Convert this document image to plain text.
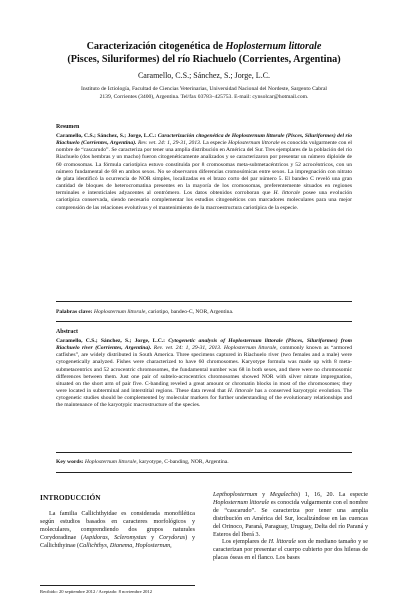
Caracterización citogenética de Hoplosternum littorale
(Pisces, Siluriformes) del río Riachuelo (Corrientes, Argentina)
Caramello, C.S.; Sánchez, S.; Jorge, L.C.
Instituto de Ictiología, Facultad de Ciencias Veterinarias, Universidad Nacional del Nordeste, Sargento Cabral
2139, Corrientes (3400), Argentina. Tel/fax 03783–425753. E-mail: cynsolcar@hotmail.com.
Resumen
Caramello, C.S.; Sánchez, S.; Jorge, L.C.: Caracterización citogenética de Hoplosternum littorale (Pisces, Siluriformes) del río Riachuelo (Corrientes, Argentina). Rev. vet. 24: 1, 29-31, 2013. La especie Hoplosternum littorale es conocida vulgarmente con el nombre de “cascarudo”. Se caracteriza por tener una amplia distribución en América del Sur. Tres ejemplares de la población del río Riachuelo (dos hembras y un macho) fueron citogenéticamente analizados y se caracterizaron por presentar un número diploide de 60 cromosomas. La fórmula cariotípica estuvo constituida por 8 cromosomas meta-submetacéntricos y 52 acrocéntricos, con un número fundamental de 68 en ambos sexos. No se observaron diferencias cromosómicas entre sexos. La impregnación con nitrato de plata identificó la ocurrencia de NOR simples, localizadas en el brazo corto del par número 5. El bandeo C reveló una gran cantidad de bloques de heterocromatina presentes en la mayoría de los cromosomas, preferentemente situados en regiones terminales e intersticiales adyacentes al centrómero. Los datos obtenidos corroboran que H. littorale posee una evolución cariotípica conservada, siendo necesario complementar los estudios citogenéticos con marcadores moleculares para una mejor comprensión de las relaciones evolutivas y el mantenimiento de la macroestructura cariotípica de la especie.
Palabras clave: Hoplosternum littorale, cariotipo, bandeo-C, NOR, Argentina.
Abstract
Caramello, C.S.; Sánchez, S.; Jorge, L.C.: Cytogenetic analysis of Hoplosternum littorale (Pisces, Siluriformes) from Riachuelo river (Corrientes, Argentina). Rev. vet. 24: 1, 29-31, 2013. Hoplosternum littorale, commonly known as “armored catfishes”, are widely distributed in South America. Three specimens captured in Riachuelo river (two females and a male) were cytogenetically analyzed. Fishes were characterized to have 60 chromosomes. Karyotype formula was made up with 8 meta-submetacentrics and 52 acrocentric chromosomes, the fundamental number was 68 in both sexes, and there were no chromosomic differences between them. Just one pair of subtelo-acrocentrics chromosomes showed NOR with silver nitrate impregnation, situated on the short arm of pair five. C-banding reveled a great amount or chromatin blocks in most of the chromosomes; they were located in subterminal and interstitial regions. These data reveal that H. littorale has a conserved karyotypic evolution. The cytogenetic studies should be complemented by molecular markers for further understanding of the evolutionary relationships and the maintenance of the karyotypic macrostructure of the species.
Key words: Hoplosternum littorale, karyotype, C-banding, NOR, Argentina.
INTRODUCCIÓN
La familia Callichthyidae es considerada monofilética según estudios basados en caracteres morfológicos y moleculares, comprendiendo dos grupos naturales Corydoradinae (Aspidoras, Scleromystax y Corydoras) y Callichthyinae (Callichthys, Dianema, Hoplosternum,
Lepthoplosternum y Megalechis) 1, 16, 20. La especie Hoplosternum littorale es conocida vulgarmente con el nombre de “cascarudo”. Se caracteriza por tener una amplia distribución en América del Sur, localizándose en las cuencas del Orinoco, Paraná, Paraguay, Uruguay, Delta del río Paraná y Esteros del Iberá 3.
Los ejemplares de H. littorale son de mediano tamaño y se caracterizan por presentar el cuerpo cubierto por dos hileras de placas óseas en el flanco. Los bases
Recibido: 20 septiembre 2012 / Aceptado: 8 noviembre 2012
